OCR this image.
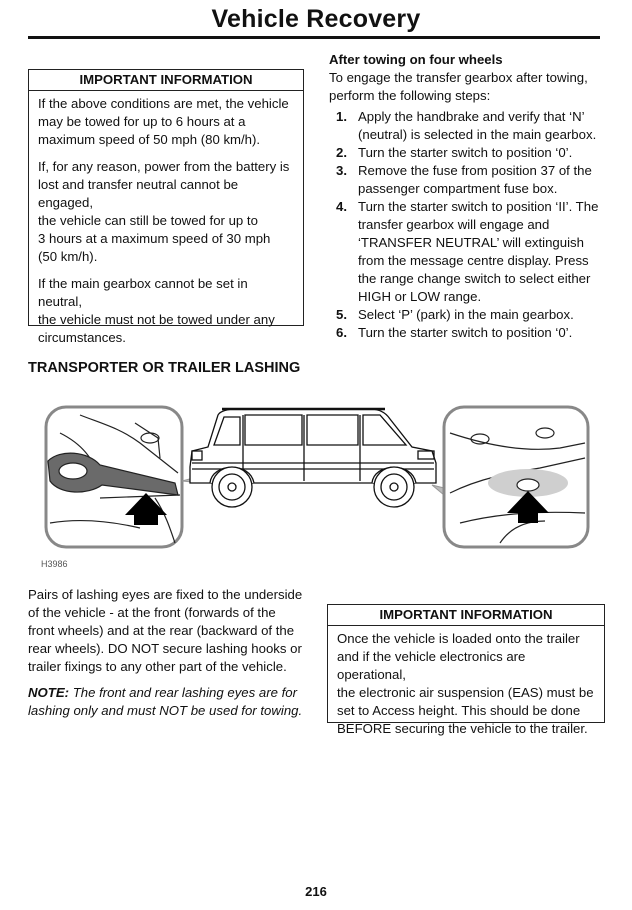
Vehicle Recovery
IMPORTANT INFORMATION

If the above conditions are met, the vehicle
may be towed for up to 6 hours at a
maximum speed of 50 mph (80 km/h).

If, for any reason, power from the battery is
lost and transfer neutral cannot be engaged,
the vehicle can still be towed for up to
3 hours at a maximum speed of 30 mph
(50 km/h).

If the main gearbox cannot be set in neutral,
the vehicle must not be towed under any
circumstances.

After towing on four wheels
To engage the transfer gearbox after towing,
perform the following steps:
1. Apply the handbrake and verify that ‘N’
(neutral) is selected in the main gearbox.
2. Turn the starter switch to position ‘0’.
3. Remove the fuse from position 37 of the
passenger compartment fuse box.
4. Turn the starter switch to position ‘II’. The
transfer gearbox will engage and
‘TRANSFER NEUTRAL’ will extinguish
from the message centre display. Press
the range change switch to select either
HIGH or LOW range.
5. Select ‘P’ (park) in the main gearbox.
6. Turn the starter switch to position ‘0’.
TRANSPORTER OR TRAILER LASHING
H3986

Pairs of lashing eyes are fixed to the underside
of the vehicle - at the front (forwards of the
front wheels) and at the rear (backward of the
rear wheels). DO NOT secure lashing hooks or
trailer fixings to any other part of the vehicle.

NOTE: The front and rear lashing eyes are for
lashing only and must NOT be used for towing.

IMPORTANT INFORMATION

Once the vehicle is loaded onto the trailer
and if the vehicle electronics are operational,
the electronic air suspension (EAS) must be
set to Access height. This should be done
BEFORE securing the vehicle to the trailer.

216
